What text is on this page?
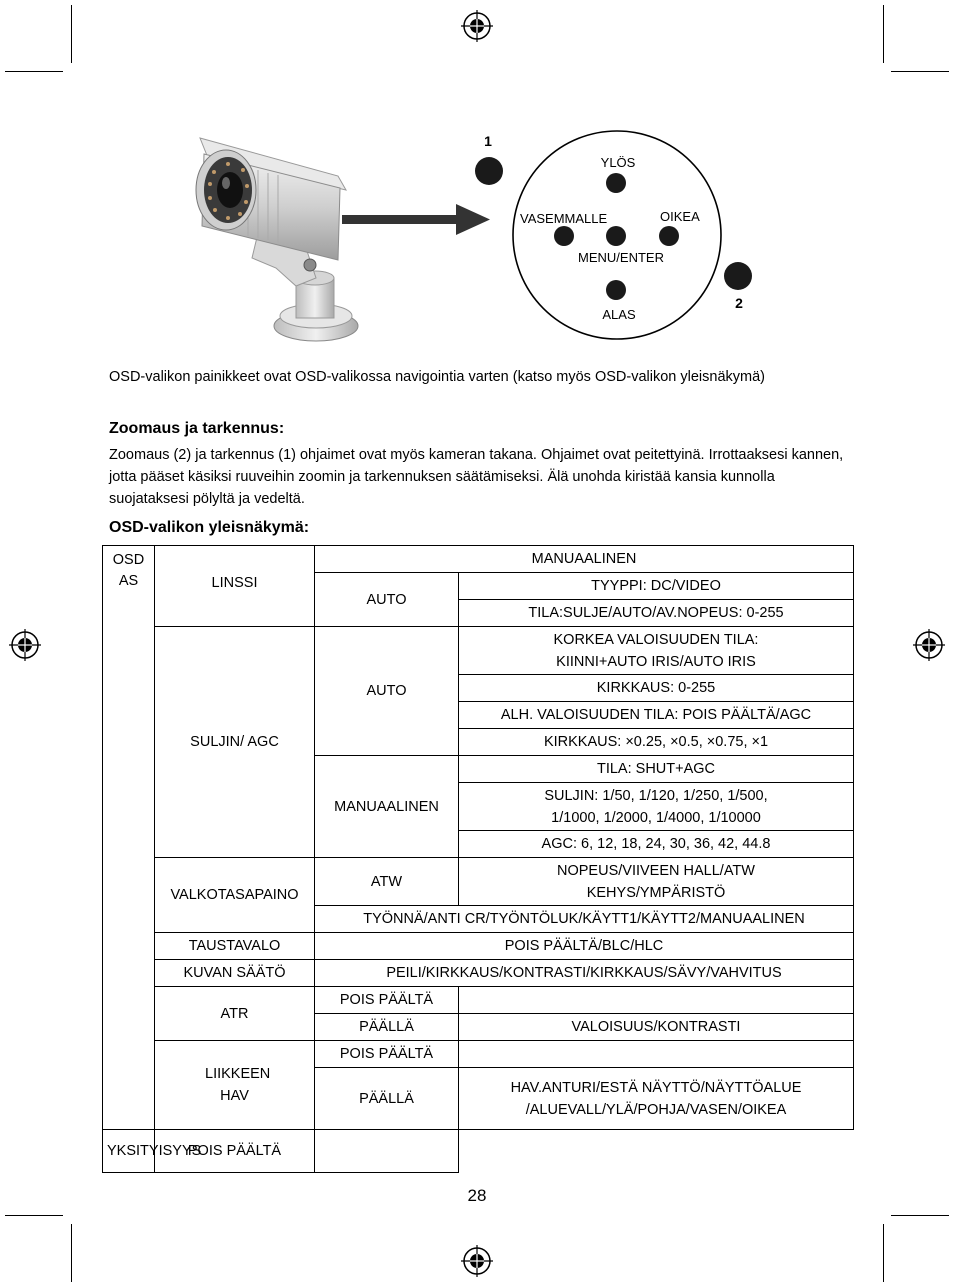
1
2
YLÖS
VASEMMALLE	OIKEA
MENU/ENTER
ALAS
OSD-valikon painikkeet ovat OSD-valikossa navigointia varten (katso myös OSD-valikon yleisnäkymä)
Zoomaus ja tarkennus:
Zoomaus (2) ja tarkennus (1) ohjaimet ovat myös kameran takana. Ohjaimet ovat peitettyinä. Irrottaaksesi kannen, jotta pääset käsiksi ruuveihin zoomin ja tarkennuksen säätämiseksi. Älä unohda kiristää kansia kunnolla suojataksesi pölyltä ja vedeltä.
OSD-valikon yleisnäkymä:
OSD AS	LINSSI	MANUAALINEN	
		AUTO	TYYPPI: DC/VIDEO
			TILA:SULJE/AUTO/AV.NOPEUS: 0-255
	SULJIN/ AGC	AUTO	KORKEA VALOISUUDEN TILA: KIINNI+AUTO IRIS/AUTO IRIS
			KIRKKAUS: 0-255
			ALH. VALOISUUDEN TILA: POIS PÄÄLTÄ/AGC
			KIRKKAUS: ×0.25, ×0.5, ×0.75, ×1
		MANUAALINEN	TILA: SHUT+AGC
			SULJIN: 1/50, 1/120, 1/250, 1/500, 1/1000, 1/2000, 1/4000, 1/10000
			AGC: 6, 12, 18, 24, 30, 36, 42, 44.8
	VALKOTASAPAINO	ATW	NOPEUS/VIIVEEN HALL/ATW KEHYS/YMPÄRISTÖ
		TYÖNNÄ/ANTI CR/TYÖNTÖLUK/KÄYTT1/KÄYTT2/MANUAALINEN	
	TAUSTAVALO	POIS PÄÄLTÄ/BLC/HLC	
	KUVAN SÄÄTÖ	PEILI/KIRKKAUS/KONTRASTI/KIRKKAUS/SÄVY/VAHVITUS	
	ATR	POIS PÄÄLTÄ	
		PÄÄLLÄ	VALOISUUS/KONTRASTI
	LIIKKEEN HAV	POIS PÄÄLTÄ	
		PÄÄLLÄ	HAV.ANTURI/ESTÄ NÄYTTÖ/NÄYTTÖALUE /ALUEVALL/YLÄ/POHJA/VASEN/OIKEA
YKSITYISYYS	POIS PÄÄLTÄ		
28
